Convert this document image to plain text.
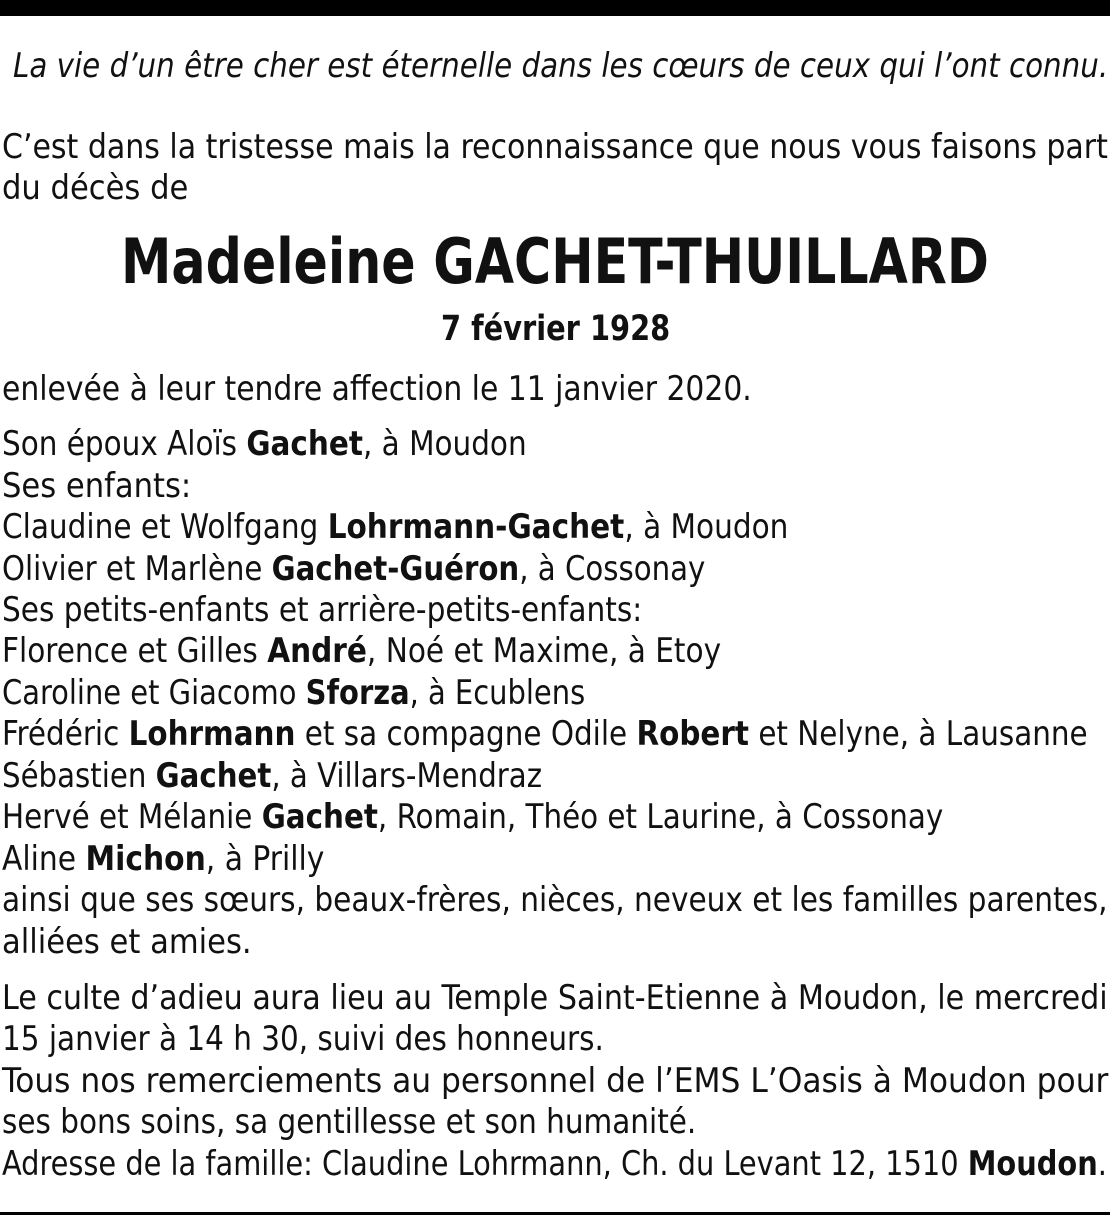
La vie d’un être cher est éternelle dans les cœurs de ceux qui l’ont connu.
C’est dans la tristesse mais la reconnaissance que nous vous faisons part
du décès de
Madeleine GACHET-THUILLARD
7 février 1928
enlevée à leur tendre affection le 11 janvier 2020.
Son époux Aloïs Gachet, à Moudon
Ses enfants:
Claudine et Wolfgang Lohrmann-Gachet, à Moudon
Olivier et Marlène Gachet-Guéron, à Cossonay
Ses petits-enfants et arrière-petits-enfants:
Florence et Gilles André, Noé et Maxime, à Etoy
Caroline et Giacomo Sforza, à Ecublens
Frédéric Lohrmann et sa compagne Odile Robert et Nelyne, à Lausanne
Sébastien Gachet, à Villars-Mendraz
Hervé et Mélanie Gachet, Romain, Théo et Laurine, à Cossonay
Aline Michon, à Prilly
ainsi que ses sœurs, beaux-frères, nièces, neveux et les familles parentes,
alliées et amies.
Le culte d’adieu aura lieu au Temple Saint-Etienne à Moudon, le mercredi
15 janvier à 14 h 30, suivi des honneurs.
Tous nos remerciements au personnel de l’EMS L’Oasis à Moudon pour
ses bons soins, sa gentillesse et son humanité.
Adresse de la famille: Claudine Lohrmann, Ch. du Levant 12, 1510 Moudon.
